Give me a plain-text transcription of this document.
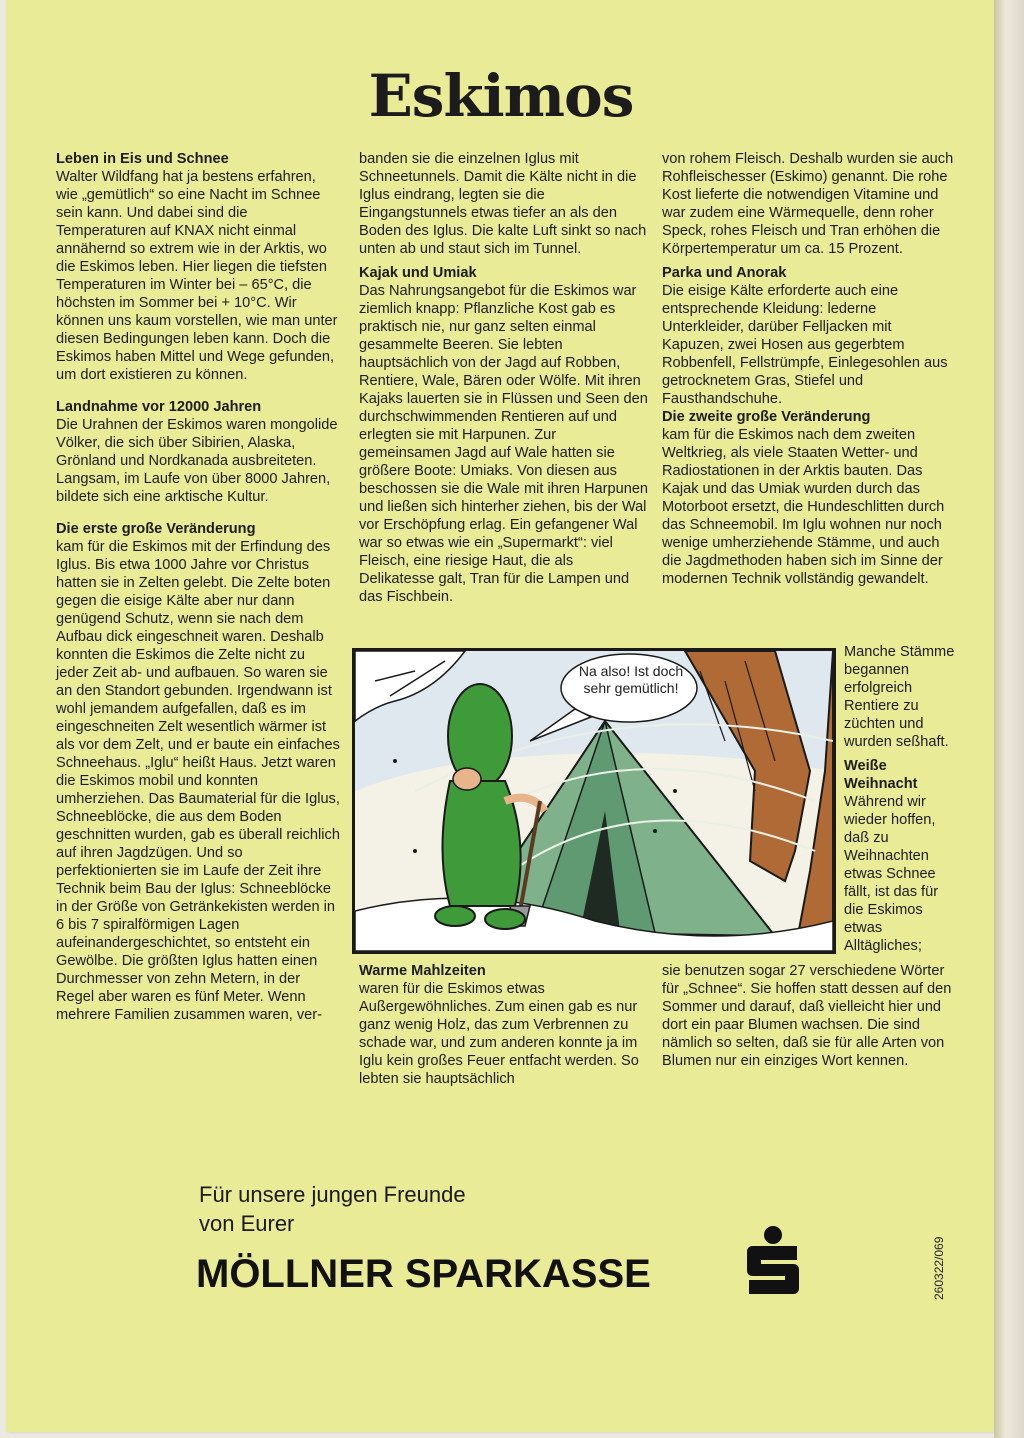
Eskimos
Leben in Eis und Schnee

Walter Wildfang hat ja bestens erfahren, wie „gemütlich“ so eine Nacht im Schnee sein kann. Und dabei sind die Temperaturen auf KNAX nicht einmal annähernd so extrem wie in der Arktis, wo die Eskimos leben. Hier liegen die tiefsten Temperaturen im Winter bei – 65°C, die höchsten im Sommer bei + 10°C. Wir können uns kaum vorstellen, wie man unter diesen Bedingungen leben kann. Doch die Eskimos haben Mittel und Wege gefunden, um dort existieren zu können.

Landnahme vor 12000 Jahren

Die Urahnen der Eskimos waren mongolide Völker, die sich über Sibirien, Alaska, Grönland und Nordkanada ausbreiteten. Langsam, im Laufe von über 8000 Jahren, bildete sich eine arktische Kultur.

Die erste große Veränderung

kam für die Eskimos mit der Erfindung des Iglus. Bis etwa 1000 Jahre vor Christus hatten sie in Zelten gelebt. Die Zelte boten gegen die eisige Kälte aber nur dann genügend Schutz, wenn sie nach dem Aufbau dick eingeschneit waren. Deshalb konnten die Eskimos die Zelte nicht zu jeder Zeit ab- und aufbauen. So waren sie an den Standort gebunden. Irgendwann ist wohl jemandem aufgefallen, daß es im eingeschneiten Zelt wesentlich wärmer ist als vor dem Zelt, und er baute ein einfaches Schneehaus. „Iglu“ heißt Haus. Jetzt waren die Eskimos mobil und konnten umherziehen. Das Baumaterial für die Iglus, Schneeblöcke, die aus dem Boden geschnitten wurden, gab es überall reichlich auf ihren Jagdzügen. Und so perfektionierten sie im Laufe der Zeit ihre Technik beim Bau der Iglus: Schneeblöcke in der Größe von Getränkekisten werden in 6 bis 7 spiralförmigen Lagen aufeinandergeschichtet, so entsteht ein Gewölbe. Die größten Iglus hatten einen Durchmesser von zehn Metern, in der Regel aber waren es fünf Meter. Wenn mehrere Familien zusammen waren, ver-

banden sie die einzelnen Iglus mit Schneetunnels. Damit die Kälte nicht in die Iglus eindrang, legten sie die Eingangstunnels etwas tiefer an als den Boden des Iglus. Die kalte Luft sinkt so nach unten ab und staut sich im Tunnel.

Kajak und Umiak

Das Nahrungsangebot für die Eskimos war ziemlich knapp: Pflanzliche Kost gab es praktisch nie, nur ganz selten einmal gesammelte Beeren. Sie lebten hauptsächlich von der Jagd auf Robben, Rentiere, Wale, Bären oder Wölfe. Mit ihren Kajaks lauerten sie in Flüssen und Seen den durchschwimmenden Rentieren auf und erlegten sie mit Harpunen. Zur gemeinsamen Jagd auf Wale hatten sie größere Boote: Umiaks. Von diesen aus beschossen sie die Wale mit ihren Harpunen und ließen sich hinterher ziehen, bis der Wal vor Erschöpfung erlag. Ein gefangener Wal war so etwas wie ein „Supermarkt“: viel Fleisch, eine riesige Haut, die als Delikatesse galt, Tran für die Lampen und das Fischbein.

Warme Mahlzeiten

waren für die Eskimos etwas Außergewöhnliches. Zum einen gab es nur ganz wenig Holz, das zum Verbrennen zu schade war, und zum anderen konnte ja im Iglu kein großes Feuer entfacht werden. So lebten sie hauptsächlich

von rohem Fleisch. Deshalb wurden sie auch Rohfleischesser (Eskimo) genannt. Die rohe Kost lieferte die notwendigen Vitamine und war zudem eine Wärmequelle, denn roher Speck, rohes Fleisch und Tran erhöhen die Körpertemperatur um ca. 15 Prozent.

Parka und Anorak

Die eisige Kälte erforderte auch eine entsprechende Kleidung: lederne Unterkleider, darüber Felljacken mit Kapuzen, zwei Hosen aus gegerbtem Robbenfell, Fellstrümpfe, Einlegesohlen aus getrocknetem Gras, Stiefel und Fausthandschuhe.

Die zweite große Veränderung

kam für die Eskimos nach dem zweiten Weltkrieg, als viele Staaten Wetter- und Radiostationen in der Arktis bauten. Das Kajak und das Umiak wurden durch das Motorboot ersetzt, die Hundeschlitten durch das Schneemobil. Im Iglu wohnen nur noch wenige umherziehende Stämme, und auch die Jagdmethoden haben sich im Sinne der modernen Technik vollständig gewandelt.

Manche Stämme begannen erfolgreich Rentiere zu züchten und wurden seßhaft.

Weiße Weihnacht

Während wir wieder hoffen, daß zu Weihnachten etwas Schnee fällt, ist das für die Eskimos etwas Alltägliches;

sie benutzen sogar 27 verschiedene Wörter für „Schnee“. Sie hoffen statt dessen auf den Sommer und darauf, daß vielleicht hier und dort ein paar Blumen wachsen. Die sind nämlich so selten, daß sie für alle Arten von Blumen nur ein einziges Wort kennen.

Na also! Ist doch sehr gemütlich!
Für unsere jungen Freunde
von Eurer
MÖLLNER SPARKASSE	260322/069
